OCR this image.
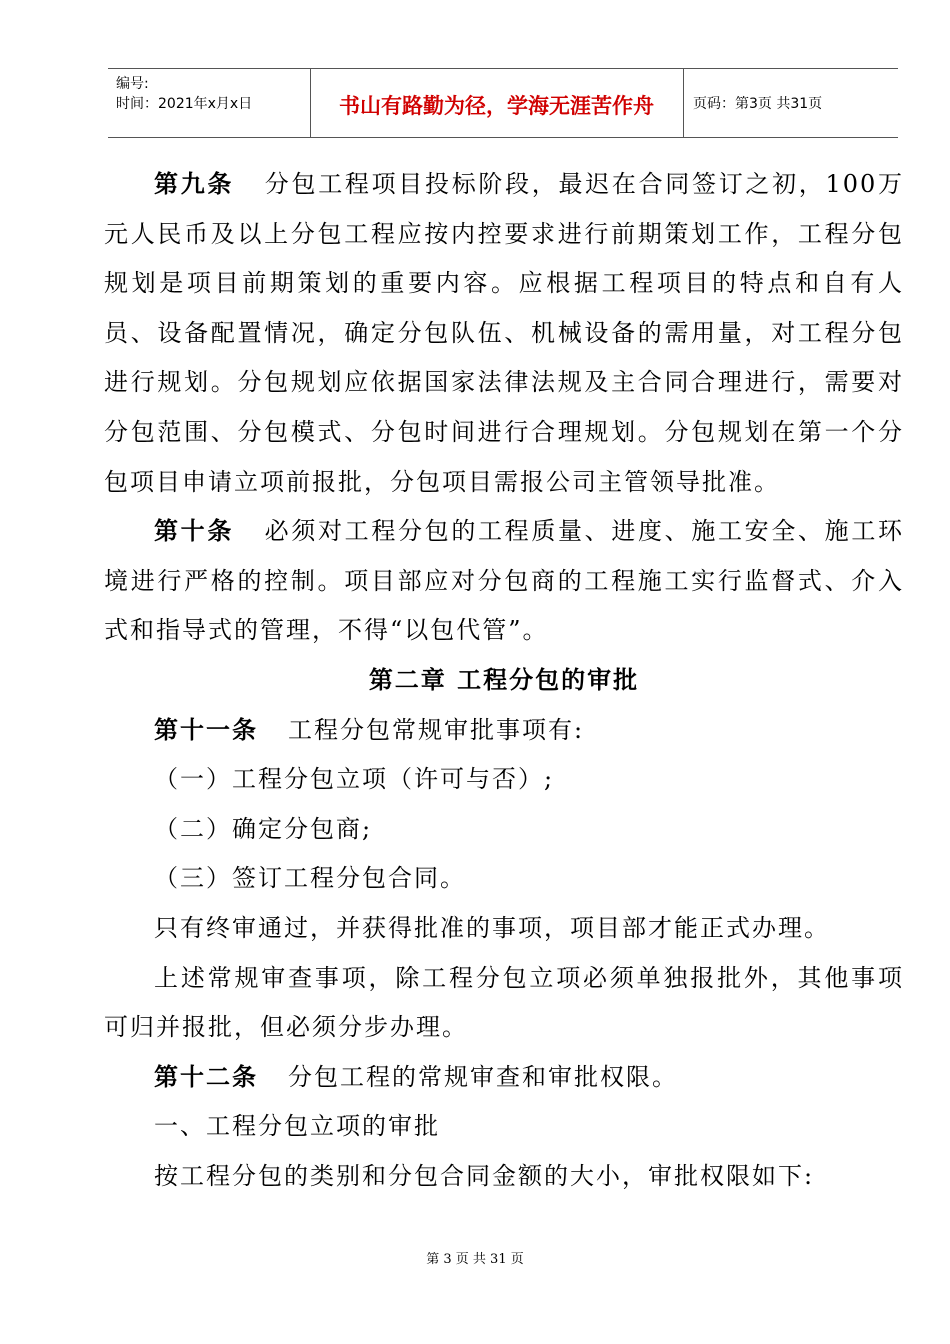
编号:
时间：2021年x月x日	书山有路勤为径，学海无涯苦作舟	页码：第3页 共31页

第九条 分包工程项目投标阶段，最迟在合同签订之初，100万元人民币及以上分包工程应按内控要求进行前期策划工作，工程分包规划是项目前期策划的重要内容。应根据工程项目的特点和自有人员、设备配置情况，确定分包队伍、机械设备的需用量，对工程分包进行规划。分包规划应依据国家法律法规及主合同合理进行，需要对分包范围、分包模式、分包时间进行合理规划。分包规划在第一个分包项目申请立项前报批，分包项目需报公司主管领导批准。

第十条 必须对工程分包的工程质量、进度、施工安全、施工环境进行严格的控制。项目部应对分包商的工程施工实行监督式、介入式和指导式的管理，不得“以包代管”。

第二章 工程分包的审批

第十一条 工程分包常规审批事项有:

（一）工程分包立项（许可与否）;

（二）确定分包商;

（三）签订工程分包合同。

只有终审通过，并获得批准的事项，项目部才能正式办理。

上述常规审查事项，除工程分包立项必须单独报批外，其他事项可归并报批，但必须分步办理。

第十二条 分包工程的常规审查和审批权限。

一、工程分包立项的审批

按工程分包的类别和分包合同金额的大小，审批权限如下:

第 3 页 共 31 页
